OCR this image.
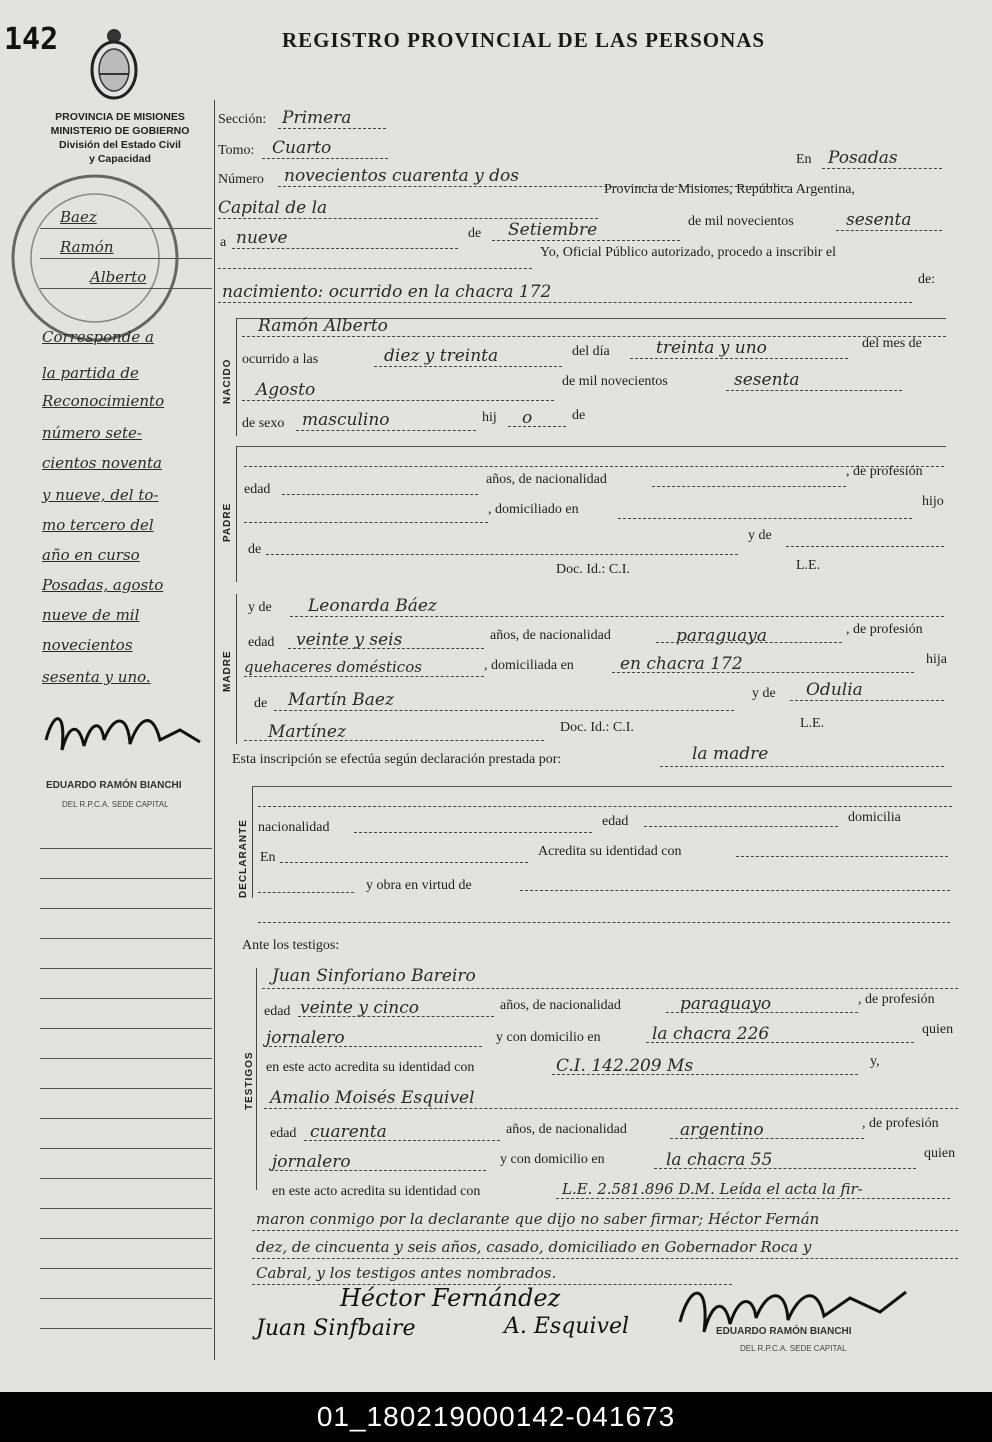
142	REGISTRO PROVINCIAL DE LAS PERSONAS
PROVINCIA DE MISIONES
MINISTERIO DE GOBIERNO
División del Estado Civil
y Capacidad
Baez
Ramón
Alberto
Corresponde a
la partida de
Reconocimiento
número sete-
cientos noventa
y nueve, del to-
mo tercero del
año en curso
Posadas, agosto
nueve de mil
novecientos
sesenta y uno.
EDUARDO RAMÓN BIANCHI
DEL R.P.C.A. SEDE CAPITAL
Sección: Primera
Tomo: Cuarto
Número novecientos cuarenta y dos
En Posadas
Capital de la
Provincia de Misiones, República Argentina,
a nueve	de Setiembre	de mil novecientos	sesenta
Yo, Oficial Público autorizado, procedo a inscribir el
nacimiento: ocurrido en la chacra 172
de:
NACIDO
Ramón Alberto
ocurrido a las	diez y treinta	del día	treinta y uno	del mes de
Agosto	de mil novecientos	sesenta
de sexo masculino	hij o	de
PADRE
edad
años, de nacionalidad
, de profesión
, domiciliado en
hijo
de
y de
Doc. Id.: C.I.	L.E.
MADRE
y de Leonarda Báez
edad veinte y seis	años, de nacionalidad	paraguaya	, de profesión
quehaceres domésticos	, domiciliada en	en chacra 172	hija
de Martín Baez	y de Odulia
Martínez	Doc. Id.: C.I.	L.E.
Esta inscripción se efectúa según declaración prestada por:	la madre
DECLARANTE nacionalidad	edad	domicilia
En	Acredita su identidad con
y obra en virtud de
Ante los testigos:
TESTIGOS
Juan Sinforiano Bareiro
edad veinte y cinco	años, de nacionalidad	paraguayo	, de profesión
jornalero	y con domicilio en	la chacra 226	quien
en este acto acredita su identidad con	C.I. 142.209 Ms	y,
Amalio Moisés Esquivel
edad cuarenta	años, de nacionalidad	argentino	, de profesión
jornalero	y con domicilio en	la chacra 55	quien
en este acto acredita su identidad con	L.E. 2.581.896 D.M. Leída el acta la fir-
maron conmigo por la declarante que dijo no saber firmar; Héctor Fernán
dez, de cincuenta y seis años, casado, domiciliado en Gobernador Roca y
Cabral, y los testigos antes nombrados.
Héctor Fernández
Juan Sinfbaire	A. Esquivel	EDUARDO RAMÓN BIANCHI
DEL R.P.C.A. SEDE CAPITAL
01_180219000142-041673
